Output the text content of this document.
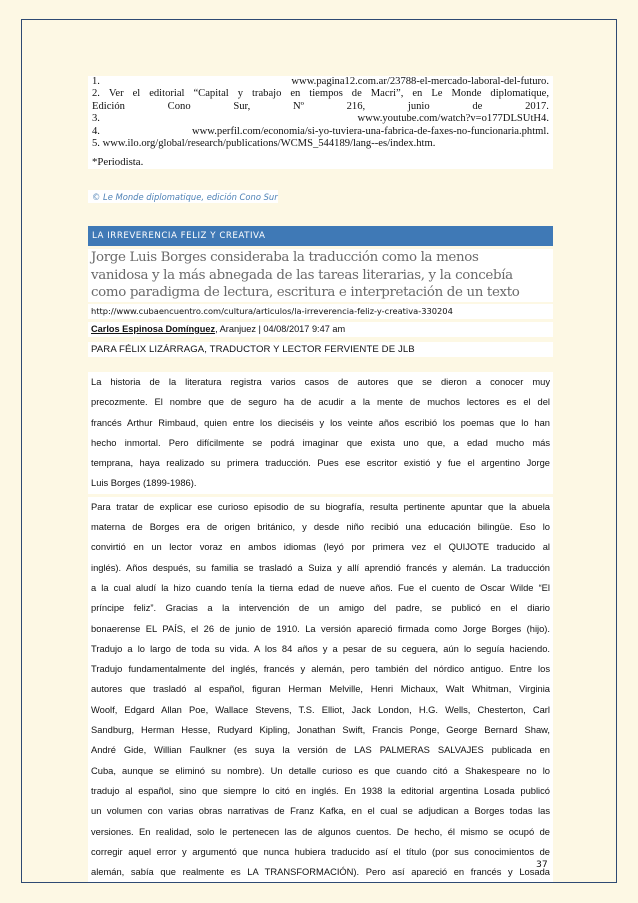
1.	www.pagina12.com.ar/23788-el-mercado-laboral-del-futuro.
2. Ver el editorial “Capital y trabajo en tiempos de Macri”, en Le Monde diplomatique,
Edición	Cono	Sur,	Nº	216,	junio	de	2017.
3.	www.youtube.com/watch?v=o177DLSUtH4.
4.	www.perfil.com/economia/si-yo-tuviera-una-fabrica-de-faxes-no-funcionaria.phtml.
5. www.ilo.org/global/research/publications/WCMS_544189/lang--es/index.htm.
*Periodista.
© Le Monde diplomatique, edición Cono Sur
LA IRREVERENCIA FELIZ Y CREATIVA
Jorge Luis Borges consideraba la traducción como la menos
vanidosa y la más abnegada de las tareas literarias, y la concebía
como paradigma de lectura, escritura e interpretación de un texto
http://www.cubaencuentro.com/cultura/articulos/la-irreverencia-feliz-y-creativa-330204
Carlos Espinosa Domínguez, Aranjuez | 04/08/2017 9:47 am
PARA FÉLIX LIZÁRRAGA, TRADUCTOR Y LECTOR FERVIENTE DE JLB
La historia de la literatura registra varios casos de autores que se dieron a conocer muy
precozmente. El nombre que de seguro ha de acudir a la mente de muchos lectores es el del
francés Arthur Rimbaud, quien entre los dieciséis y los veinte años escribió los poemas que lo han
hecho inmortal. Pero difícilmente se podrá imaginar que exista uno que, a edad mucho más
temprana, haya realizado su primera traducción. Pues ese escritor existió y fue el argentino Jorge
Luis Borges (1899-1986).
Para tratar de explicar ese curioso episodio de su biografía, resulta pertinente apuntar que la abuela
materna de Borges era de origen británico, y desde niño recibió una educación bilingüe. Eso lo
convirtió en un lector voraz en ambos idiomas (leyó por primera vez el QUIJOTE traducido al
inglés). Años después, su familia se trasladó a Suiza y allí aprendió francés y alemán. La traducción
a la cual aludí la hizo cuando tenía la tierna edad de nueve años. Fue el cuento de Oscar Wilde “El
príncipe feliz”. Gracias a la intervención de un amigo del padre, se publicó en el diario
bonaerense EL PAÍS, el 26 de junio de 1910. La versión apareció firmada como Jorge Borges (hijo).
Tradujo a lo largo de toda su vida. A los 84 años y a pesar de su ceguera, aún lo seguía haciendo.
Tradujo fundamentalmente del inglés, francés y alemán, pero también del nórdico antiguo. Entre los
autores que trasladó al español, figuran Herman Melville, Henri Michaux, Walt Whitman, Virginia
Woolf, Edgard Allan Poe, Wallace Stevens, T.S. Elliot, Jack London, H.G. Wells, Chesterton, Carl
Sandburg, Herman Hesse, Rudyard Kipling, Jonathan Swift, Francis Ponge, George Bernard Shaw,
André Gide, Willian Faulkner (es suya la versión de LAS PALMERAS SALVAJES publicada en
Cuba, aunque se eliminó su nombre). Un detalle curioso es que cuando citó a Shakespeare no lo
tradujo al español, sino que siempre lo citó en inglés. En 1938 la editorial argentina Losada publicó
un volumen con varias obras narrativas de Franz Kafka, en el cual se adjudican a Borges todas las
versiones. En realidad, solo le pertenecen las de algunos cuentos. De hecho, él mismo se ocupó de
corregir aquel error y argumentó que nunca hubiera traducido así el título (por sus conocimientos de
alemán, sabía que realmente es LA TRANSFORMACIÓN). Pero así apareció en francés y Losada
37
